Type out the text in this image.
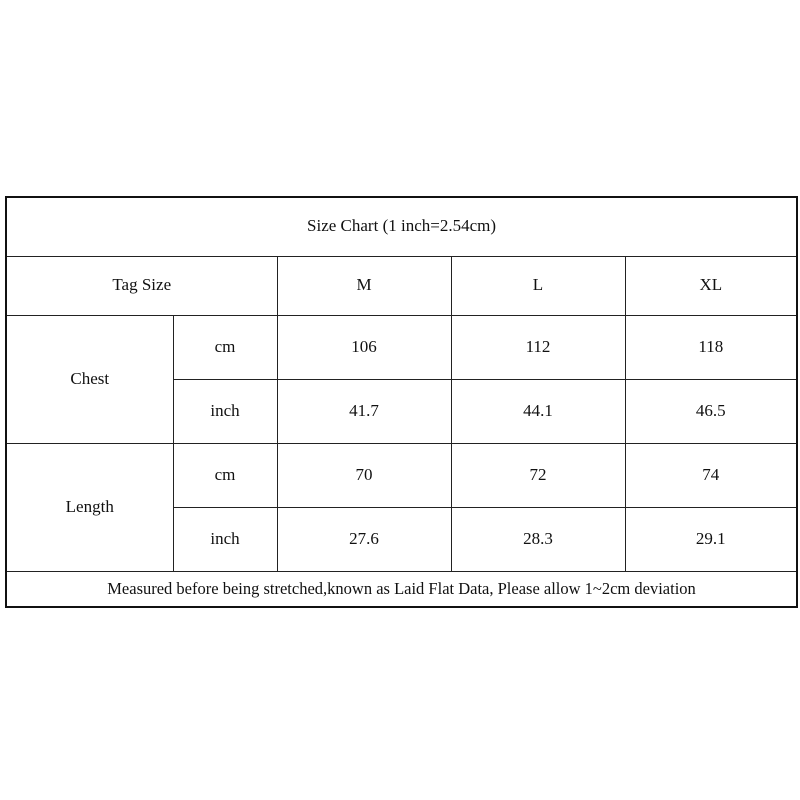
Size Chart (1 inch=2.54cm)				
Tag Size		M	L	XL
Chest	cm	106	112	118
	inch	41.7	44.1	46.5
Length	cm	70	72	74
	inch	27.6	28.3	29.1
Measured before being stretched,known as Laid Flat Data, Please allow 1~2cm deviation				
